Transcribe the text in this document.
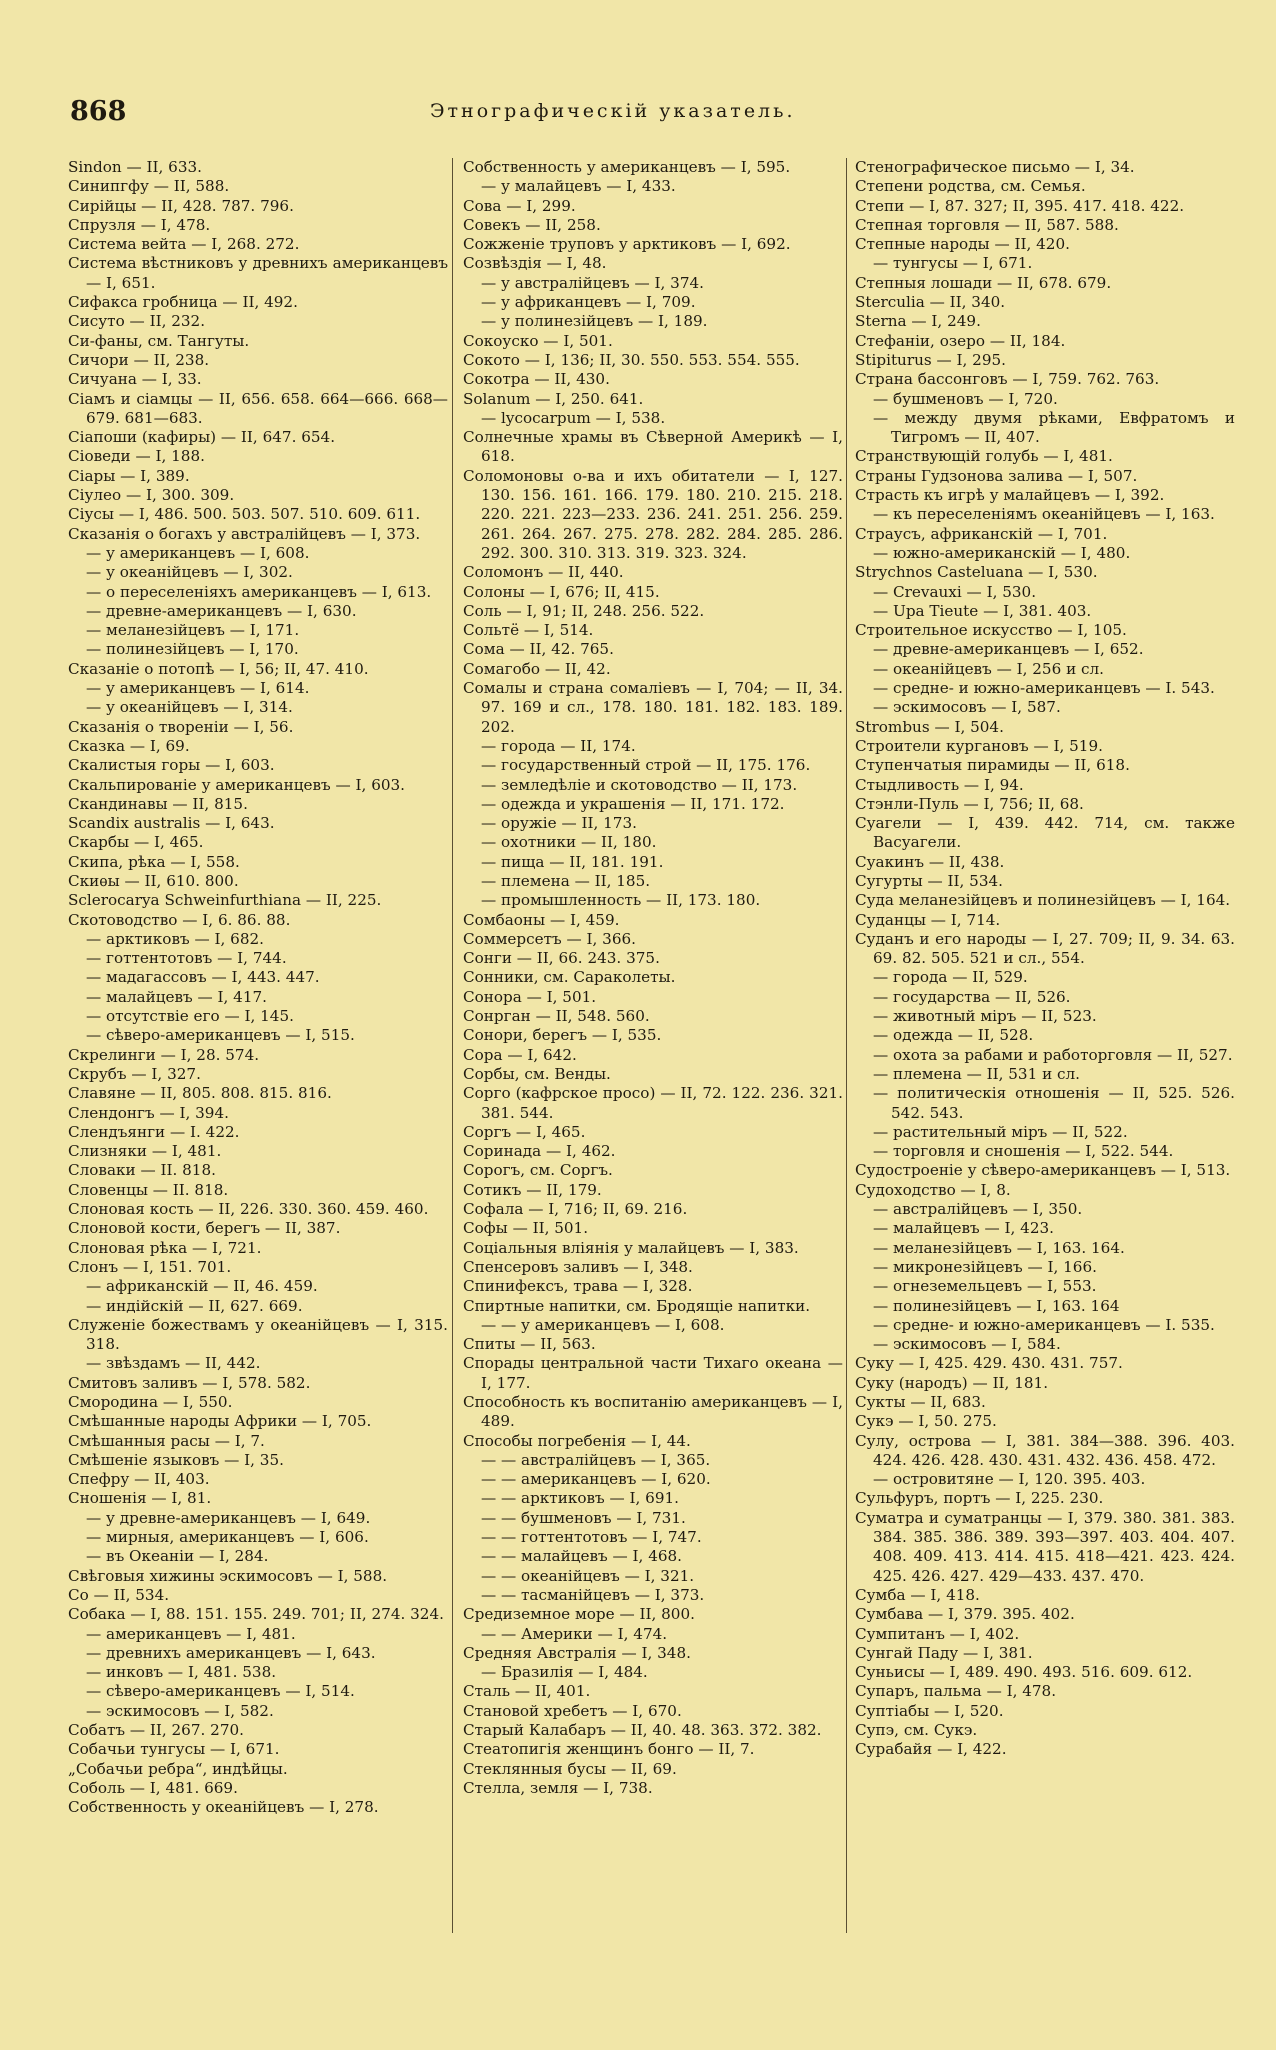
868	Этнографическій указатель.

Sindon — II, 633.

Синипгфу — II, 588.

Сирійцы — II, 428. 787. 796.

Спрузля — I, 478.

Система вейта — I, 268. 272.

Система вѣстниковъ у древнихъ американцевъ — I, 651.

Сифакса гробница — II, 492.

Сисуто — II, 232.

Си-фаны, см. Тангуты.

Сичори — II, 238.

Сичуана — I, 33.

Сіамъ и сіамцы — II, 656. 658. 664—666. 668—679. 681—683.

Сіапоши (кафиры) — II, 647. 654.

Сіоведи — I, 188.

Сіары — I, 389.

Сіулео — I, 300. 309.

Сіусы — I, 486. 500. 503. 507. 510. 609. 611.

Сказанія о богахъ у австралійцевъ — I, 373.

— у американцевъ — I, 608.

— у океанійцевъ — I, 302.

— о переселеніяхъ американцевъ — I, 613.

— древне-американцевъ — I, 630.

— меланезійцевъ — I, 171.

— полинезійцевъ — I, 170.

Сказаніе о потопѣ — I, 56; II, 47. 410.

— у американцевъ — I, 614.

— у океанійцевъ — I, 314.

Сказанія о твореніи — I, 56.

Сказка — I, 69.

Скалистыя горы — I, 603.

Скальпированіе у американцевъ — I, 603.

Скандинавы — II, 815.

Scandix australis — I, 643.

Скарбы — I, 465.

Скипа, рѣка — I, 558.

Скиѳы — II, 610. 800.

Sclerocarya Schweinfurthiana — II, 225.

Скотоводство — I, 6. 86. 88.

— арктиковъ — I, 682.

— готтентотовъ — I, 744.

— мадагассовъ — I, 443. 447.

— малайцевъ — I, 417.

— отсутствіе его — I, 145.

— сѣверо-американцевъ — I, 515.

Скрелинги — I, 28. 574.

Скрубъ — I, 327.

Славяне — II, 805. 808. 815. 816.

Слендонгъ — I, 394.

Слендъянги — I. 422.

Слизняки — I, 481.

Словаки — II. 818.

Словенцы — II. 818.

Слоновая кость — II, 226. 330. 360. 459. 460.

Слоновой кости, берегъ — II, 387.

Слоновая рѣка — I, 721.

Слонъ — I, 151. 701.

— африканскій — II, 46. 459.

— индійскій — II, 627. 669.

Служеніе божествамъ у океанійцевъ — I, 315. 318.

— звѣздамъ — II, 442.

Смитовъ заливъ — I, 578. 582.

Смородина — I, 550.

Смѣшанные народы Африки — I, 705.

Смѣшанныя расы — I, 7.

Смѣшеніе языковъ — I, 35.

Спефру — II, 403.

Сношенія — I, 81.

— у древне-американцевъ — I, 649.

— мирныя, американцевъ — I, 606.

— въ Океаніи — I, 284.

Свѣговыя хижины эскимосовъ — I, 588.

Со — II, 534.

Собака — I, 88. 151. 155. 249. 701; II, 274. 324.

— американцевъ — I, 481.

— древнихъ американцевъ — I, 643.

— инковъ — I, 481. 538.

— сѣверо-американцевъ — I, 514.

— эскимосовъ — I, 582.

Собатъ — II, 267. 270.

Собачьи тунгусы — I, 671.

„Собачьи ребра“, индѣйцы.

Соболь — I, 481. 669.

Собственность у океанійцевъ — I, 278.

Собственность у американцевъ — I, 595.

— у малайцевъ — I, 433.

Сова — I, 299.

Совекъ — II, 258.

Сожженіе труповъ у арктиковъ — I, 692.

Созвѣздія — I, 48.

— у австралійцевъ — I, 374.

— у африканцевъ — I, 709.

— у полинезійцевъ — I, 189.

Сокоуско — I, 501.

Сокото — I, 136; II, 30. 550. 553. 554. 555.

Сокотра — II, 430.

Solanum — I, 250. 641.

— lycocarpum — I, 538.

Солнечные храмы въ Сѣверной Америкѣ — I, 618.

Соломоновы о-ва и ихъ обитатели — I, 127. 130. 156. 161. 166. 179. 180. 210. 215. 218. 220. 221. 223—233. 236. 241. 251. 256. 259. 261. 264. 267. 275. 278. 282. 284. 285. 286. 292. 300. 310. 313. 319. 323. 324.

Соломонъ — II, 440.

Солоны — I, 676; II, 415.

Соль — I, 91; II, 248. 256. 522.

Сольтё — I, 514.

Сома — II, 42. 765.

Сомагобо — II, 42.

Сомалы и страна сомаліевъ — I, 704; — II, 34. 97. 169 и сл., 178. 180. 181. 182. 183. 189. 202.

— города — II, 174.

— государственный строй — II, 175. 176.

— земледѣліе и скотоводство — II, 173.

— одежда и украшенія — II, 171. 172.

— оружіе — II, 173.

— охотники — II, 180.

— пища — II, 181. 191.

— племена — II, 185.

— промышленность — II, 173. 180.

Сомбаоны — I, 459.

Соммерсетъ — I, 366.

Сонги — II, 66. 243. 375.

Сонники, см. Сараколеты.

Сонора — I, 501.

Сонрган — II, 548. 560.

Сонори, берегъ — I, 535.

Сора — I, 642.

Сорбы, см. Венды.

Сорго (кафрское просо) — II, 72. 122. 236. 321. 381. 544.

Соргъ — I, 465.

Соринада — I, 462.

Сорогъ, см. Соргъ.

Сотикъ — II, 179.

Софала — I, 716; II, 69. 216.

Софы — II, 501.

Соціальныя вліянія у малайцевъ — I, 383.

Спенсеровъ заливъ — I, 348.

Спинифексъ, трава — I, 328.

Спиртные напитки, см. Бродящіе напитки.

— — у американцевъ — I, 608.

Спиты — II, 563.

Спорады центральной части Тихаго океана — I, 177.

Способность къ воспитанію американцевъ — I, 489.

Способы погребенія — I, 44.

— — австралійцевъ — I, 365.

— — американцевъ — I, 620.

— — арктиковъ — I, 691.

— — бушменовъ — I, 731.

— — готтентотовъ — I, 747.

— — малайцевъ — I, 468.

— — океанійцевъ — I, 321.

— — тасманійцевъ — I, 373.

Средиземное море — II, 800.

— — Америки — I, 474.

Средняя Австралія — I, 348.

— Бразилія — I, 484.

Сталь — II, 401.

Становой хребетъ — I, 670.

Старый Калабаръ — II, 40. 48. 363. 372. 382.

Стеатопигія женщинъ бонго — II, 7.

Стеклянныя бусы — II, 69.

Стелла, земля — I, 738.

Стенографическое письмо — I, 34.

Степени родства, см. Семья.

Степи — I, 87. 327; II, 395. 417. 418. 422.

Степная торговля — II, 587. 588.

Степные народы — II, 420.

— тунгусы — I, 671.

Степныя лошади — II, 678. 679.

Sterculia — II, 340.

Sterna — I, 249.

Стефаніи, озеро — II, 184.

Stipiturus — I, 295.

Страна бассонговъ — I, 759. 762. 763.

— бушменовъ — I, 720.

— между двумя рѣками, Евфратомъ и Тигромъ — II, 407.

Странствующій голубь — I, 481.

Страны Гудзонова залива — I, 507.

Страсть къ игрѣ у малайцевъ — I, 392.

— къ переселеніямъ океанійцевъ — I, 163.

Страусъ, африканскій — I, 701.

— южно-американскій — I, 480.

Strychnos Casteluana — I, 530.

— Crevauxi — I, 530.

— Upa Tieute — I, 381. 403.

Строительное искусство — I, 105.

— древне-американцевъ — I, 652.

— океанійцевъ — I, 256 и сл.

— средне- и южно-американцевъ — I. 543.

— эскимосовъ — I, 587.

Strombus — I, 504.

Строители кургановъ — I, 519.

Ступенчатыя пирамиды — II, 618.

Стыдливость — I, 94.

Стэнли-Пуль — I, 756; II, 68.

Суагели — I, 439. 442. 714, см. также Васуагели.

Суакинъ — II, 438.

Сугурты — II, 534.

Суда меланезійцевъ и полинезійцевъ — I, 164.

Суданцы — I, 714.

Суданъ и его народы — I, 27. 709; II, 9. 34. 63. 69. 82. 505. 521 и сл., 554.

— города — II, 529.

— государства — II, 526.

— животный міръ — II, 523.

— одежда — II, 528.

— охота за рабами и работорговля — II, 527.

— племена — II, 531 и сл.

— политическія отношенія — II, 525. 526. 542. 543.

— растительный міръ — II, 522.

— торговля и сношенія — I, 522. 544.

Судостроеніе у сѣверо-американцевъ — I, 513.

Судоходство — I, 8.

— австралійцевъ — I, 350.

— малайцевъ — I, 423.

— меланезійцевъ — I, 163. 164.

— микронезійцевъ — I, 166.

— огнеземельцевъ — I, 553.

— полинезійцевъ — I, 163. 164

— средне- и южно-американцевъ — I. 535.

— эскимосовъ — I, 584.

Суку — I, 425. 429. 430. 431. 757.

Суку (народъ) — II, 181.

Сукты — II, 683.

Сукэ — I, 50. 275.

Сулу, острова — I, 381. 384—388. 396. 403. 424. 426. 428. 430. 431. 432. 436. 458. 472.

— островитяне — I, 120. 395. 403.

Сульфуръ, портъ — I, 225. 230.

Суматра и суматранцы — I, 379. 380. 381. 383. 384. 385. 386. 389. 393—397. 403. 404. 407. 408. 409. 413. 414. 415. 418—421. 423. 424. 425. 426. 427. 429—433. 437. 470.

Сумба — I, 418.

Сумбава — I, 379. 395. 402.

Сумпитанъ — I, 402.

Сунгай Паду — I, 381.

Суньисы — I, 489. 490. 493. 516. 609. 612.

Супаръ, пальма — I, 478.

Суптіабы — I, 520.

Супэ, см. Сукэ.

Сурабайя — I, 422.
